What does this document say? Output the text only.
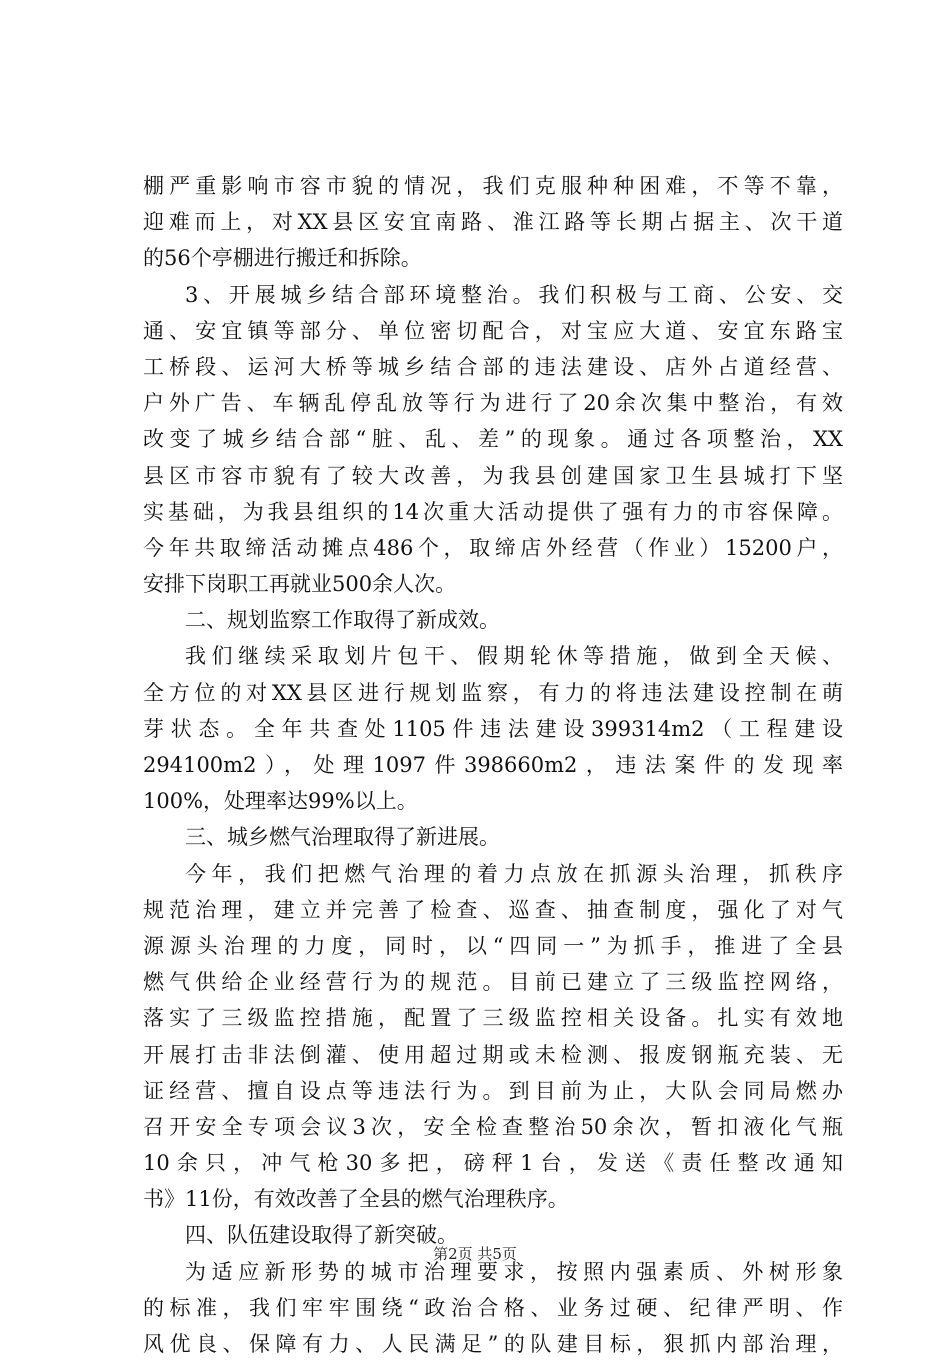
棚严重影响市容市貌的情况，我们克服种种困难，不等不靠，
迎难而上，对XX县区安宜南路、淮江路等长期占据主、次干道
的56个亭棚进行搬迁和拆除。
3、开展城乡结合部环境整治。我们积极与工商、公安、交
通、安宜镇等部分、单位密切配合，对宝应大道、安宜东路宝
工桥段、运河大桥等城乡结合部的违法建设、店外占道经营、
户外广告、车辆乱停乱放等行为进行了20余次集中整治，有效
改变了城乡结合部“脏、乱、差”的现象。通过各项整治，XX
县区市容市貌有了较大改善，为我县创建国家卫生县城打下坚
实基础，为我县组织的14次重大活动提供了强有力的市容保障。
今年共取缔活动摊点486个，取缔店外经营（作业）15200户，
安排下岗职工再就业500余人次。
二、规划监察工作取得了新成效。
我们继续采取划片包干、假期轮休等措施，做到全天候、
全方位的对XX县区进行规划监察，有力的将违法建设控制在萌
芽状态。全年共查处1105件违法建设399314m2（工程建设
294100m2），处理1097件398660m2，违法案件的发现率
100%，处理率达99%以上。
三、城乡燃气治理取得了新进展。
今年，我们把燃气治理的着力点放在抓源头治理，抓秩序
规范治理，建立并完善了检查、巡查、抽查制度，强化了对气
源源头治理的力度，同时，以“四同一”为抓手，推进了全县
燃气供给企业经营行为的规范。目前已建立了三级监控网络，
落实了三级监控措施，配置了三级监控相关设备。扎实有效地
开展打击非法倒灌、使用超过期或未检测、报废钢瓶充装、无
证经营、擅自设点等违法行为。到目前为止，大队会同局燃办
召开安全专项会议3次，安全检查整治50余次，暂扣液化气瓶
10余只，冲气枪30多把，磅秤1台，发送《责任整改通知
书》11份，有效改善了全县的燃气治理秩序。
四、队伍建设取得了新突破。
为适应新形势的城市治理要求，按照内强素质、外树形象
的标准，我们牢牢围绕“政治合格、业务过硬、纪律严明、作
风优良、保障有力、人民满足”的队建目标，狠抓内部治理，
第2页 共5页
